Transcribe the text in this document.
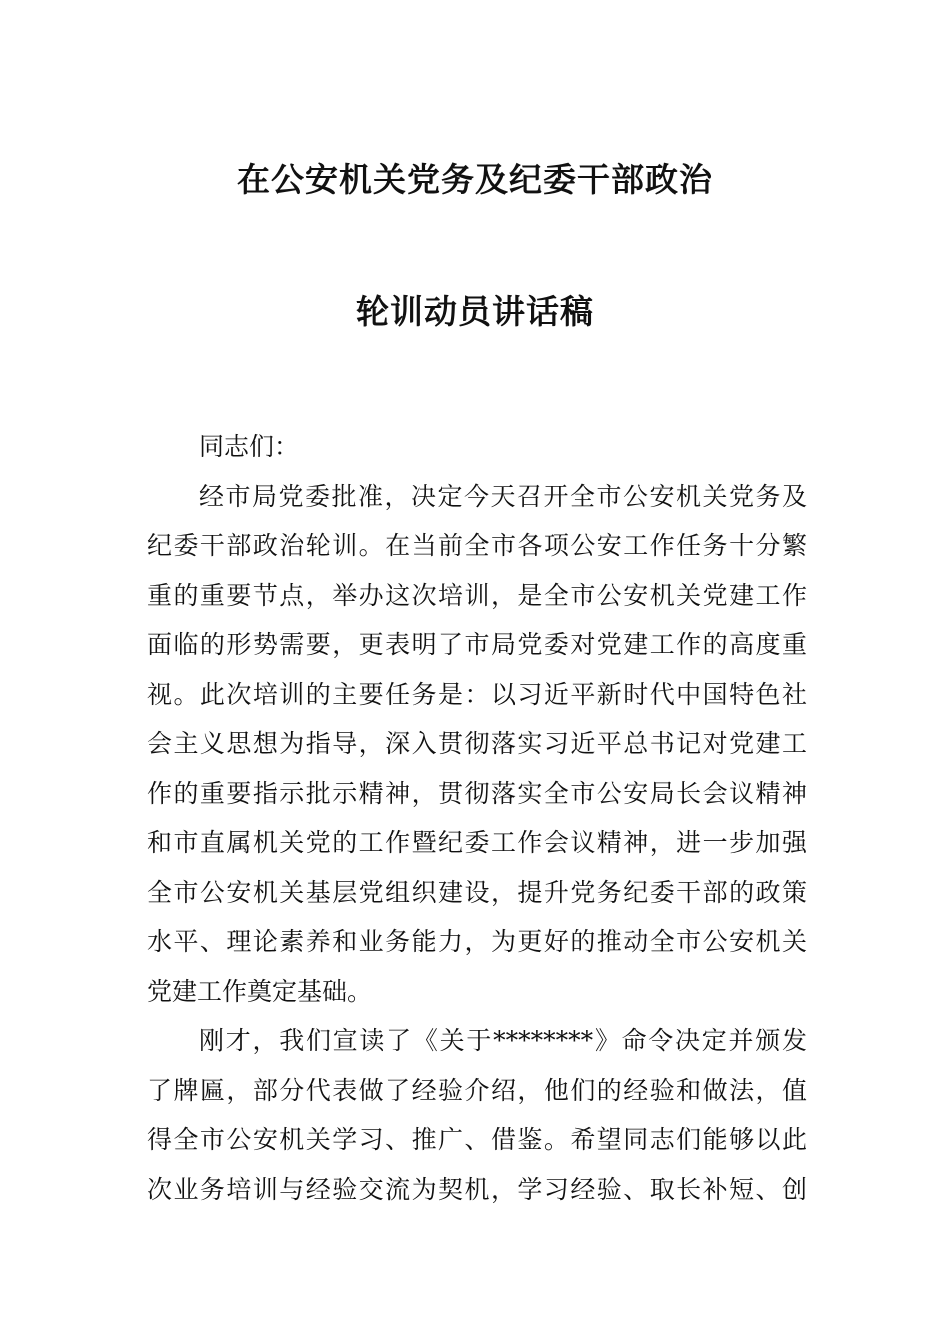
在公安机关党务及纪委干部政治
轮训动员讲话稿
同志们：
经市局党委批准，决定今天召开全市公安机关党务及
纪委干部政治轮训。在当前全市各项公安工作任务十分繁
重的重要节点，举办这次培训，是全市公安机关党建工作
面临的形势需要，更表明了市局党委对党建工作的高度重
视。此次培训的主要任务是：以习近平新时代中国特色社
会主义思想为指导，深入贯彻落实习近平总书记对党建工
作的重要指示批示精神，贯彻落实全市公安局长会议精神
和市直属机关党的工作暨纪委工作会议精神，进一步加强
全市公安机关基层党组织建设，提升党务纪委干部的政策
水平、理论素养和业务能力，为更好的推动全市公安机关
党建工作奠定基础。
刚才，我们宣读了《关于********》命令决定并颁发
了牌匾，部分代表做了经验介绍，他们的经验和做法，值
得全市公安机关学习、推广、借鉴。希望同志们能够以此
次业务培训与经验交流为契机，学习经验、取长补短、创
